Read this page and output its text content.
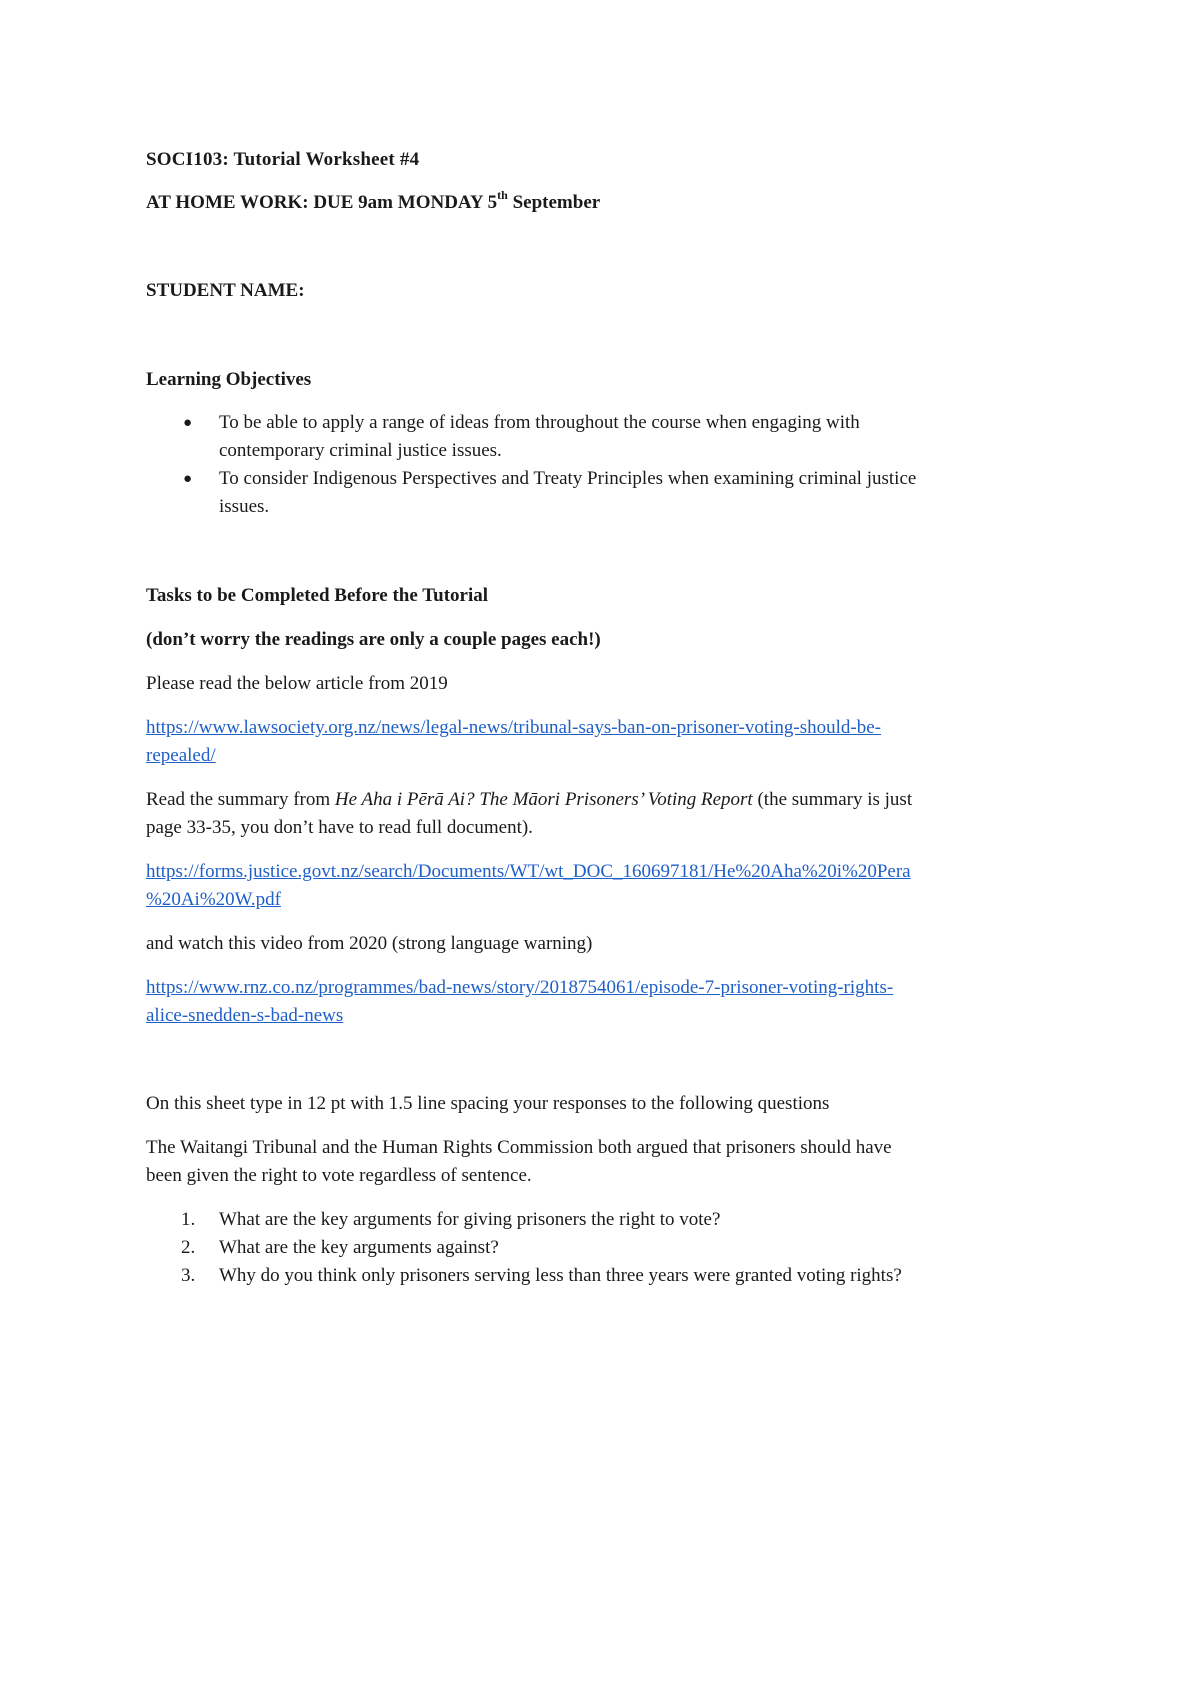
SOCI103: Tutorial Worksheet #4
AT HOME WORK: DUE 9am MONDAY 5th September
STUDENT NAME:
Learning Objectives
● To be able to apply a range of ideas from throughout the course when engaging with
contemporary criminal justice issues.
● To consider Indigenous Perspectives and Treaty Principles when examining criminal justice
issues.
Tasks to be Completed Before the Tutorial
(don’t worry the readings are only a couple pages each!)
Please read the below article from 2019
https://www.lawsociety.org.nz/news/legal-news/tribunal-says-ban-on-prisoner-voting-should-be-
repealed/
Read the summary from He Aha i Pērā Ai? The Māori Prisoners’ Voting Report (the summary is just
page 33-35, you don’t have to read full document).
https://forms.justice.govt.nz/search/Documents/WT/wt_DOC_160697181/He%20Aha%20i%20Pera
%20Ai%20W.pdf
and watch this video from 2020 (strong language warning)
https://www.rnz.co.nz/programmes/bad-news/story/2018754061/episode-7-prisoner-voting-rights-
alice-snedden-s-bad-news
On this sheet type in 12 pt with 1.5 line spacing your responses to the following questions
The Waitangi Tribunal and the Human Rights Commission both argued that prisoners should have
been given the right to vote regardless of sentence.
1. What are the key arguments for giving prisoners the right to vote?
2. What are the key arguments against?
3. Why do you think only prisoners serving less than three years were granted voting rights?
